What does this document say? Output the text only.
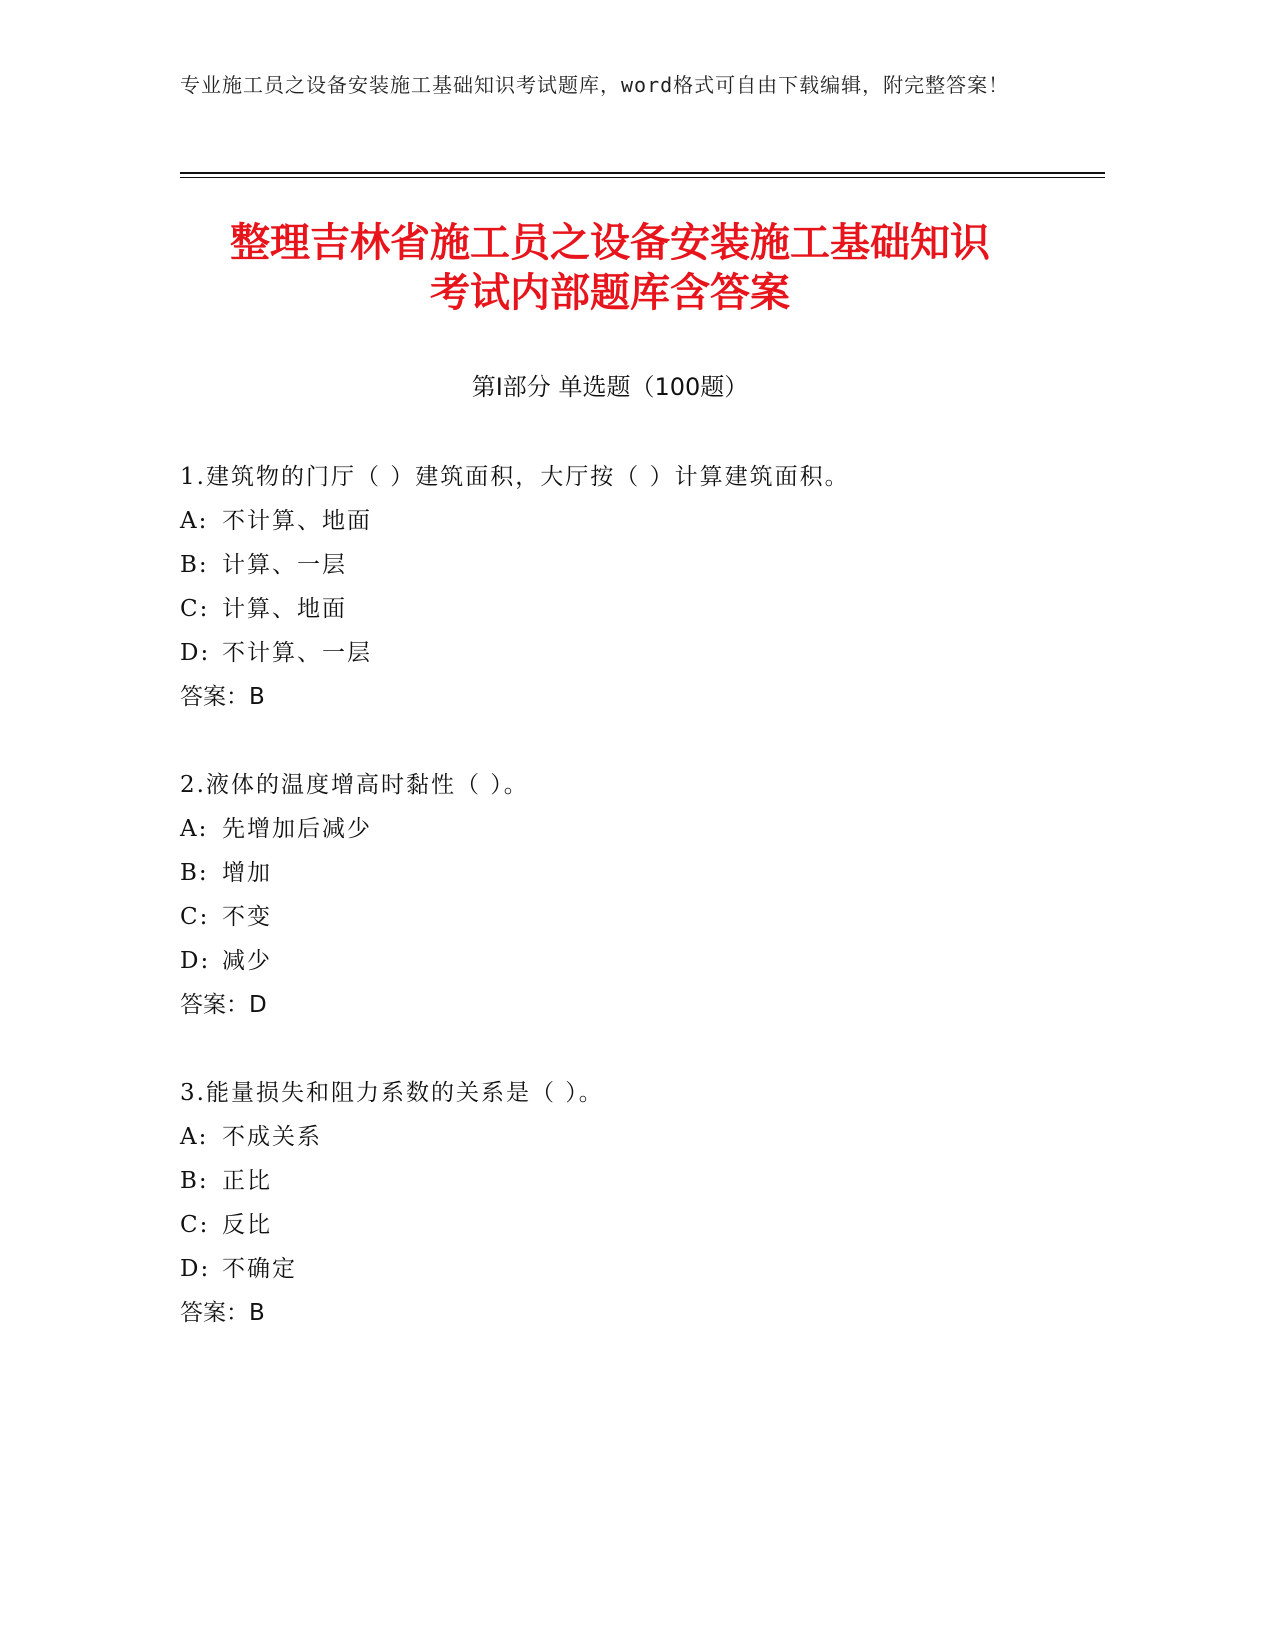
专业施工员之设备安装施工基础知识考试题库，word格式可自由下载编辑，附完整答案！
整理吉林省施工员之设备安装施工基础知识
考试内部题库含答案
第Ⅰ部分 单选题（100题）
1.建筑物的门厅（ ）建筑面积，大厅按（ ）计算建筑面积。
A: 不计算、地面
B: 计算、一层
C: 计算、地面
D: 不计算、一层
答案：B
2.液体的温度增高时黏性（ ）。
A: 先增加后减少
B: 增加
C: 不变
D: 减少
答案：D
3.能量损失和阻力系数的关系是（ ）。
A: 不成关系
B: 正比
C: 反比
D: 不确定
答案：B
